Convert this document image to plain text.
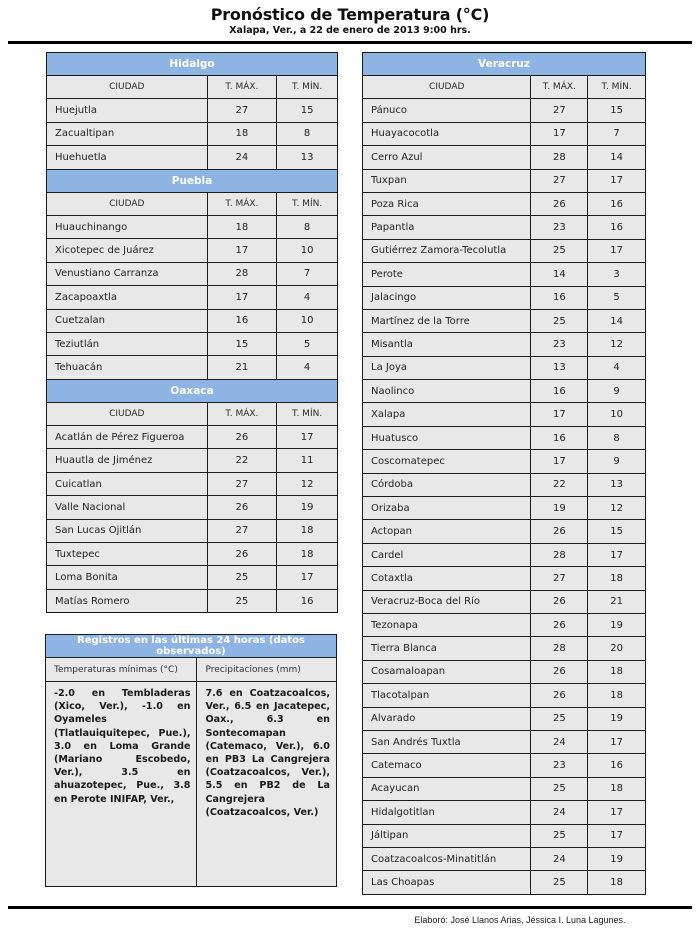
Pronóstico de Temperatura (°C)
Xalapa, Ver., a 22 de enero de 2013 9:00 hrs.
Hidalgo		
CIUDAD	T. MÁX.	T. MÍN.
Huejutla	27	15
Zacualtipan	18	8
Huehuetla	24	13
Puebla		
CIUDAD	T. MÁX.	T. MÍN.
Huauchinango	18	8
Xicotepec de Juárez	17	10
Venustiano Carranza	28	7
Zacapoaxtla	17	4
Cuetzalan	16	10
Teziutlán	15	5
Tehuacán	21	4
Oaxaca		
CIUDAD	T. MÁX.	T. MÍN.
Acatlán de Pérez Figueroa	26	17
Huautla de Jiménez	22	11
Cuicatlan	27	12
Valle Nacional	26	19
San Lucas Ojitlán	27	18
Tuxtepec	26	18
Loma Bonita	25	17
Matías Romero	25	16
Veracruz		
CIUDAD	T. MÁX.	T. MÍN.
Pánuco	27	15
Huayacocotla	17	7
Cerro Azul	28	14
Tuxpan	27	17
Poza Rica	26	16
Papantla	23	16
Gutiérrez Zamora-Tecolutla	25	17
Perote	14	3
Jalacingo	16	5
Martínez de la Torre	25	14
Misantla	23	12
La Joya	13	4
Naolinco	16	9
Xalapa	17	10
Huatusco	16	8
Coscomatepec	17	9
Córdoba	22	13
Orizaba	19	12
Actopan	26	15
Cardel	28	17
Cotaxtla	27	18
Veracruz-Boca del Río	26	21
Tezonapa	26	19
Tierra Blanca	28	20
Cosamaloapan	26	18
Tlacotalpan	26	18
Alvarado	25	19
San Andrés Tuxtla	24	17
Catemaco	23	16
Acayucan	25	18
Hidalgotitlan	24	17
Jáltipan	25	17
Coatzacoalcos-Minatitlán	24	19
Las Choapas	25	18
Registros en las últimas 24 horas (datos observados)	
Temperaturas mínimas (°C)	Precipitaciones (mm)
-2.0 en Tembladeras (Xico, Ver.), -1.0 en Oyameles (Tlatlauiquitepec, Pue.), 3.0 en Loma Grande (Mariano Escobedo, Ver.), 3.5 en ahuazotepec, Pue., 3.8 en Perote INIFAP, Ver.,	7.6 en Coatzacoalcos, Ver., 6.5 en Jacatepec, Oax., 6.3 en Sontecomapan (Catemaco, Ver.), 6.0 en PB3 La Cangrejera (Coatzacoalcos, Ver.), 5.5 en PB2 de La Cangrejera (Coatzacoalcos, Ver.)
Elaboró: José Llanos Arias, Jéssica I. Luna Lagunes.
